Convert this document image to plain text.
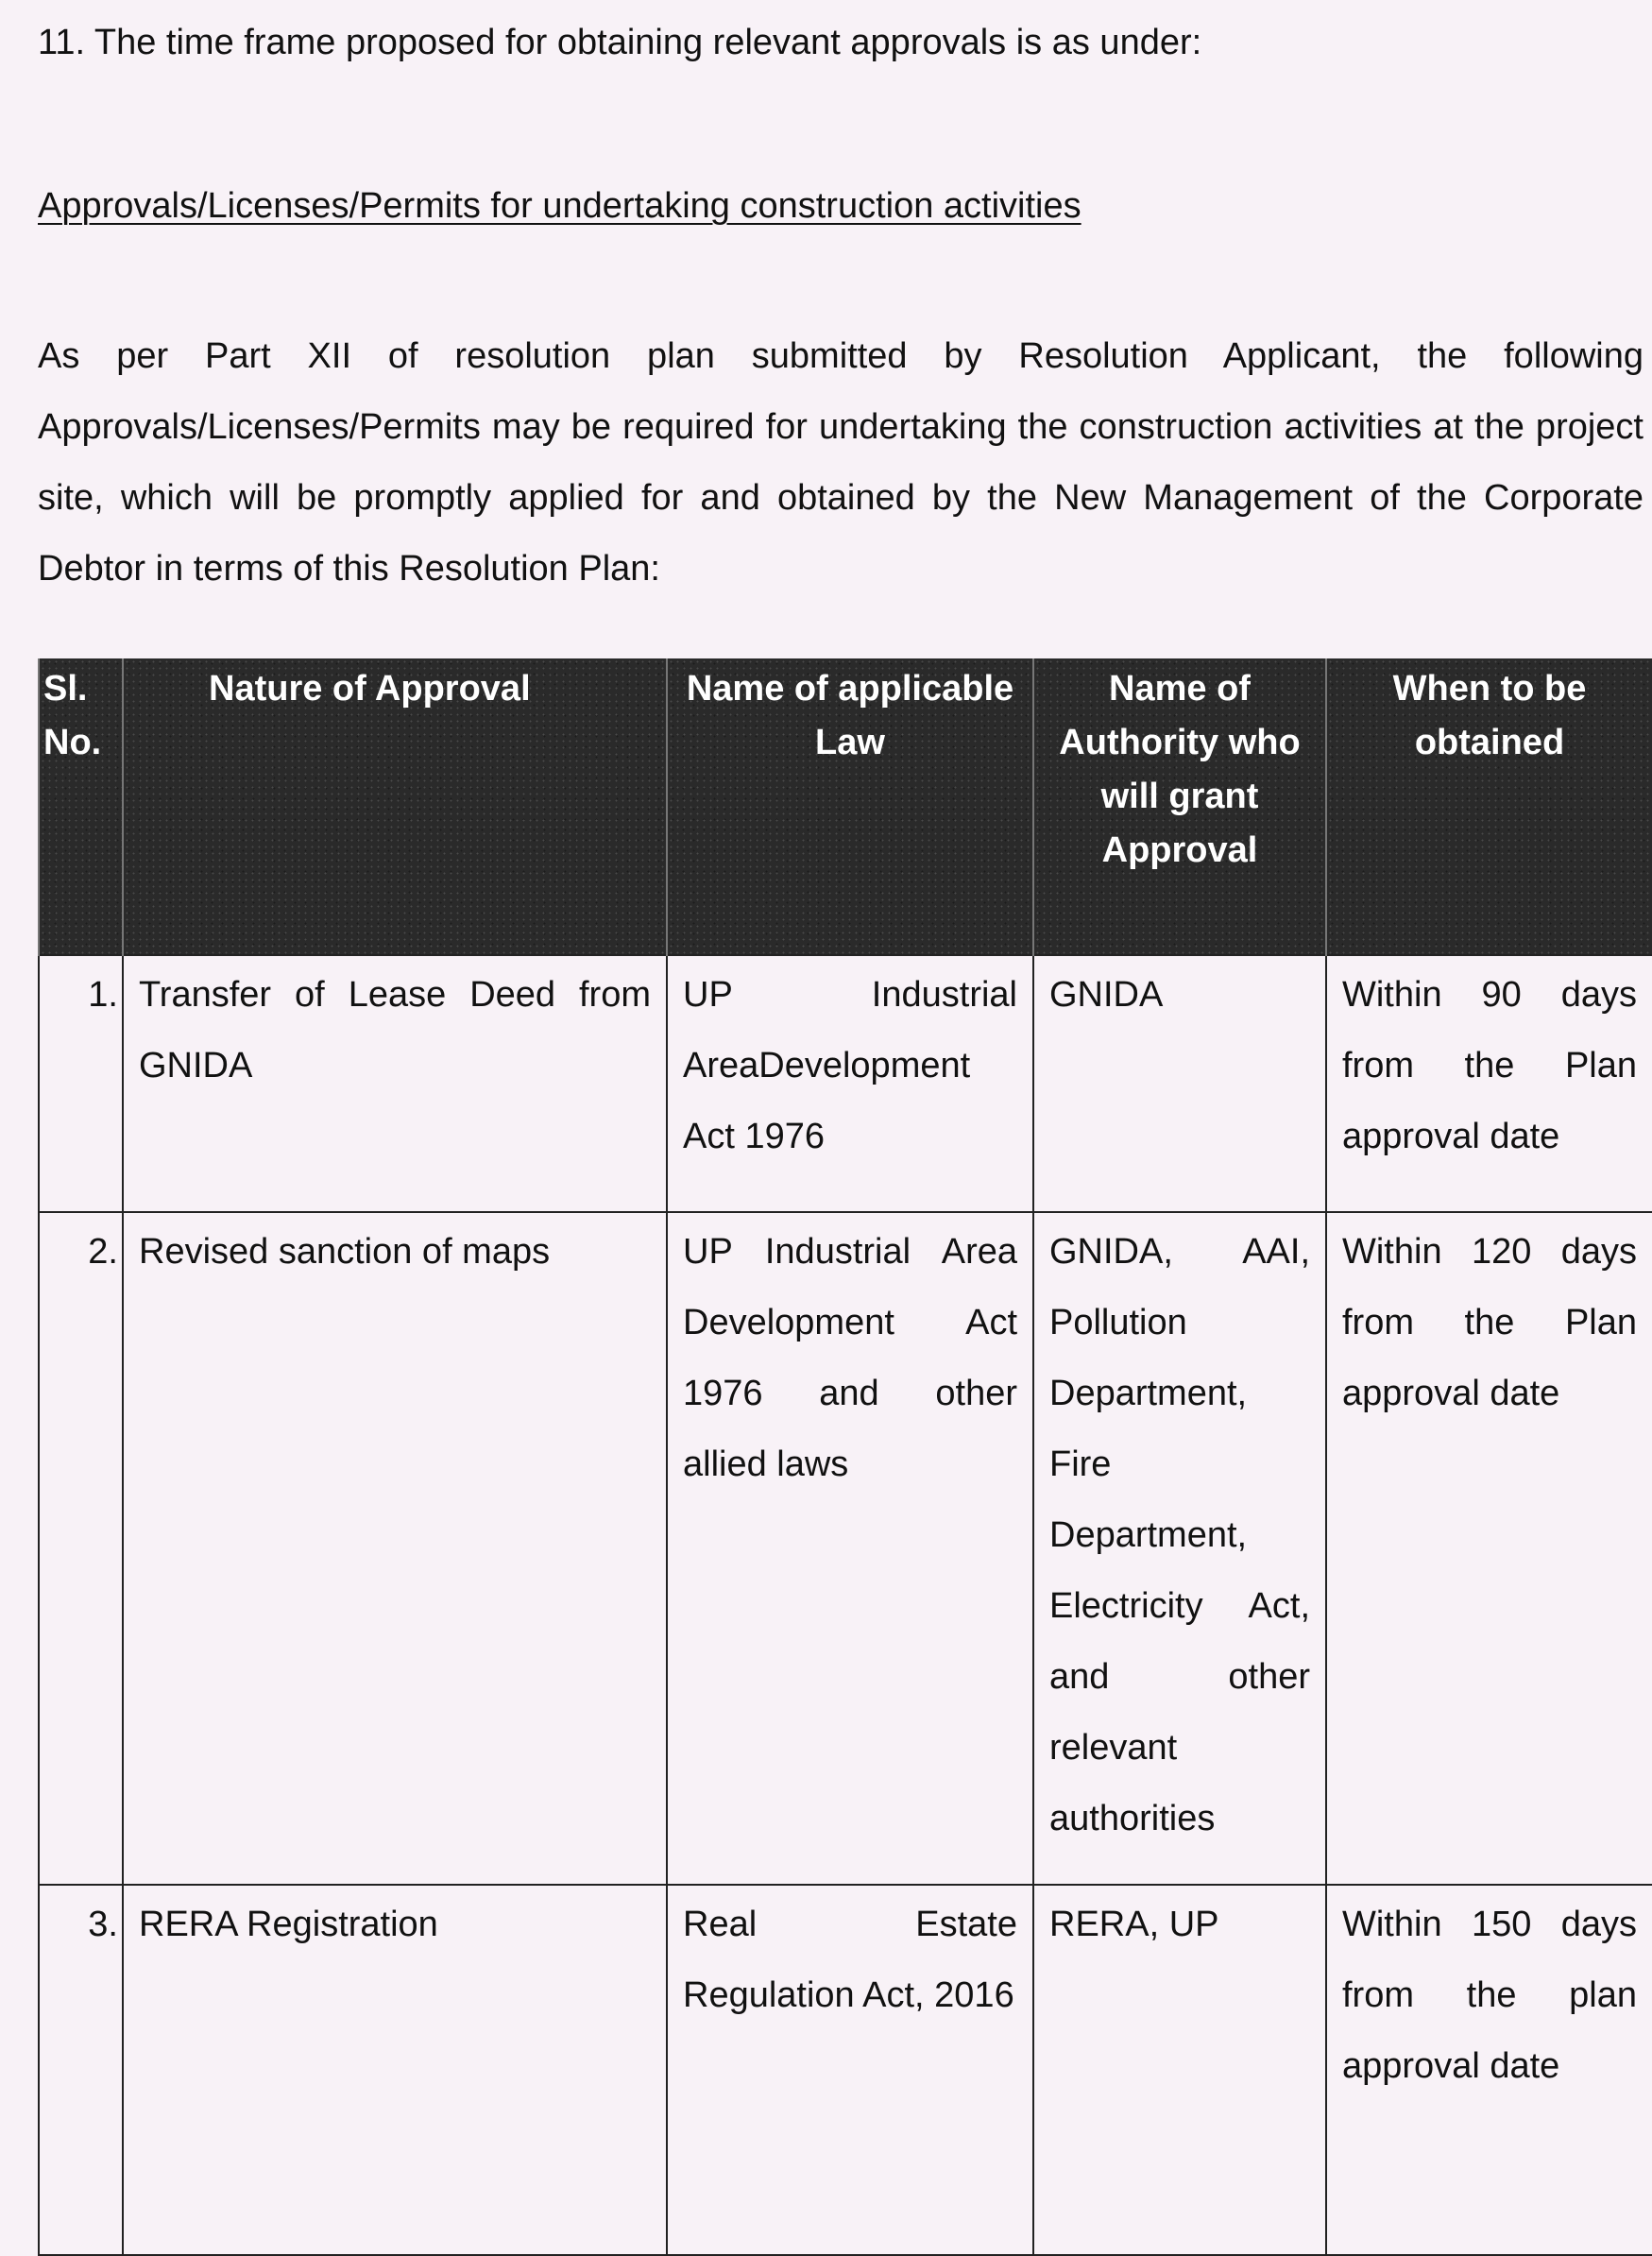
11. The time frame proposed for obtaining relevant approvals is as under:
Approvals/Licenses/Permits for undertaking construction activities
As per Part XII of resolution plan submitted by Resolution Applicant, the following Approvals/Licenses/Permits may be required for undertaking the construction activities at the project site, which will be promptly applied for and obtained by the New Management of the Corporate Debtor in terms of this Resolution Plan:
Sl. No.	Nature of Approval	Name of applicable Law	Name of Authority who will grant Approval	When to be obtained
1.	Transfer of Lease Deed from GNIDA	UP Industrial AreaDevelopment Act 1976	GNIDA	Within 90 days from the Plan approval date
2.	Revised sanction of maps	UP Industrial Area Development Act 1976 and other allied laws	GNIDA, AAI, Pollution Department, Fire Department, Electricity Act, and other relevant authorities	Within 120 days from the Plan approval date
3.	RERA Registration	Real Estate Regulation Act, 2016	RERA, UP	Within 150 days from the plan approval date
